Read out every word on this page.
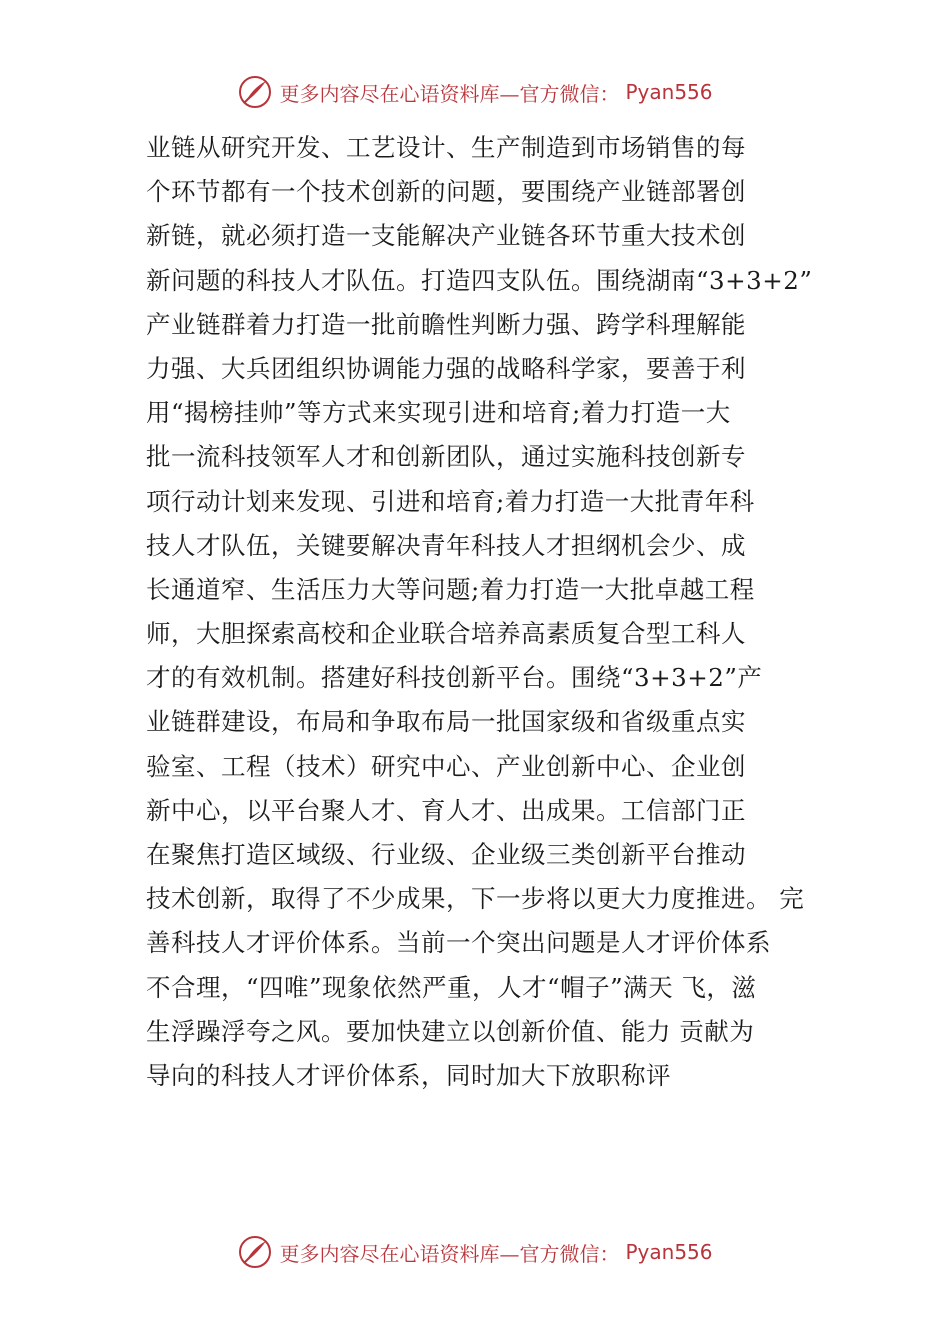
更多内容尽在心语资料库—官方微信： Pyan556
业链从研究开发、工艺设计、生产制造到市场销售的每
个环节都有一个技术创新的问题，要围绕产业链部署创
新链，就必须打造一支能解决产业链各环节重大技术创
新问题的科技人才队伍。打造四支队伍。围绕湖南“3+3+2”
产业链群着力打造一批前瞻性判断力强、跨学科理解能
力强、大兵团组织协调能力强的战略科学家，要善于利
用“揭榜挂帅”等方式来实现引进和培育;着力打造一大
批一流科技领军人才和创新团队，通过实施科技创新专
项行动计划来发现、引进和培育;着力打造一大批青年科
技人才队伍，关键要解决青年科技人才担纲机会少、成
长通道窄、生活压力大等问题;着力打造一大批卓越工程
师，大胆探索高校和企业联合培养高素质复合型工科人
才的有效机制。搭建好科技创新平台。围绕“3+3+2”产
业链群建设，布局和争取布局一批国家级和省级重点实
验室、工程（技术）研究中心、产业创新中心、企业创
新中心，以平台聚人才、育人才、出成果。工信部门正
在聚焦打造区域级、行业级、企业级三类创新平台推动
技术创新，取得了不少成果，下一步将以更大力度推进。 完
善科技人才评价体系。当前一个突出问题是人才评价体系
不合理，“四唯”现象依然严重，人才“帽子”满天 飞，滋
生浮躁浮夸之风。要加快建立以创新价值、能力 贡献为
导向的科技人才评价体系，同时加大下放职称评
更多内容尽在心语资料库—官方微信： Pyan556
